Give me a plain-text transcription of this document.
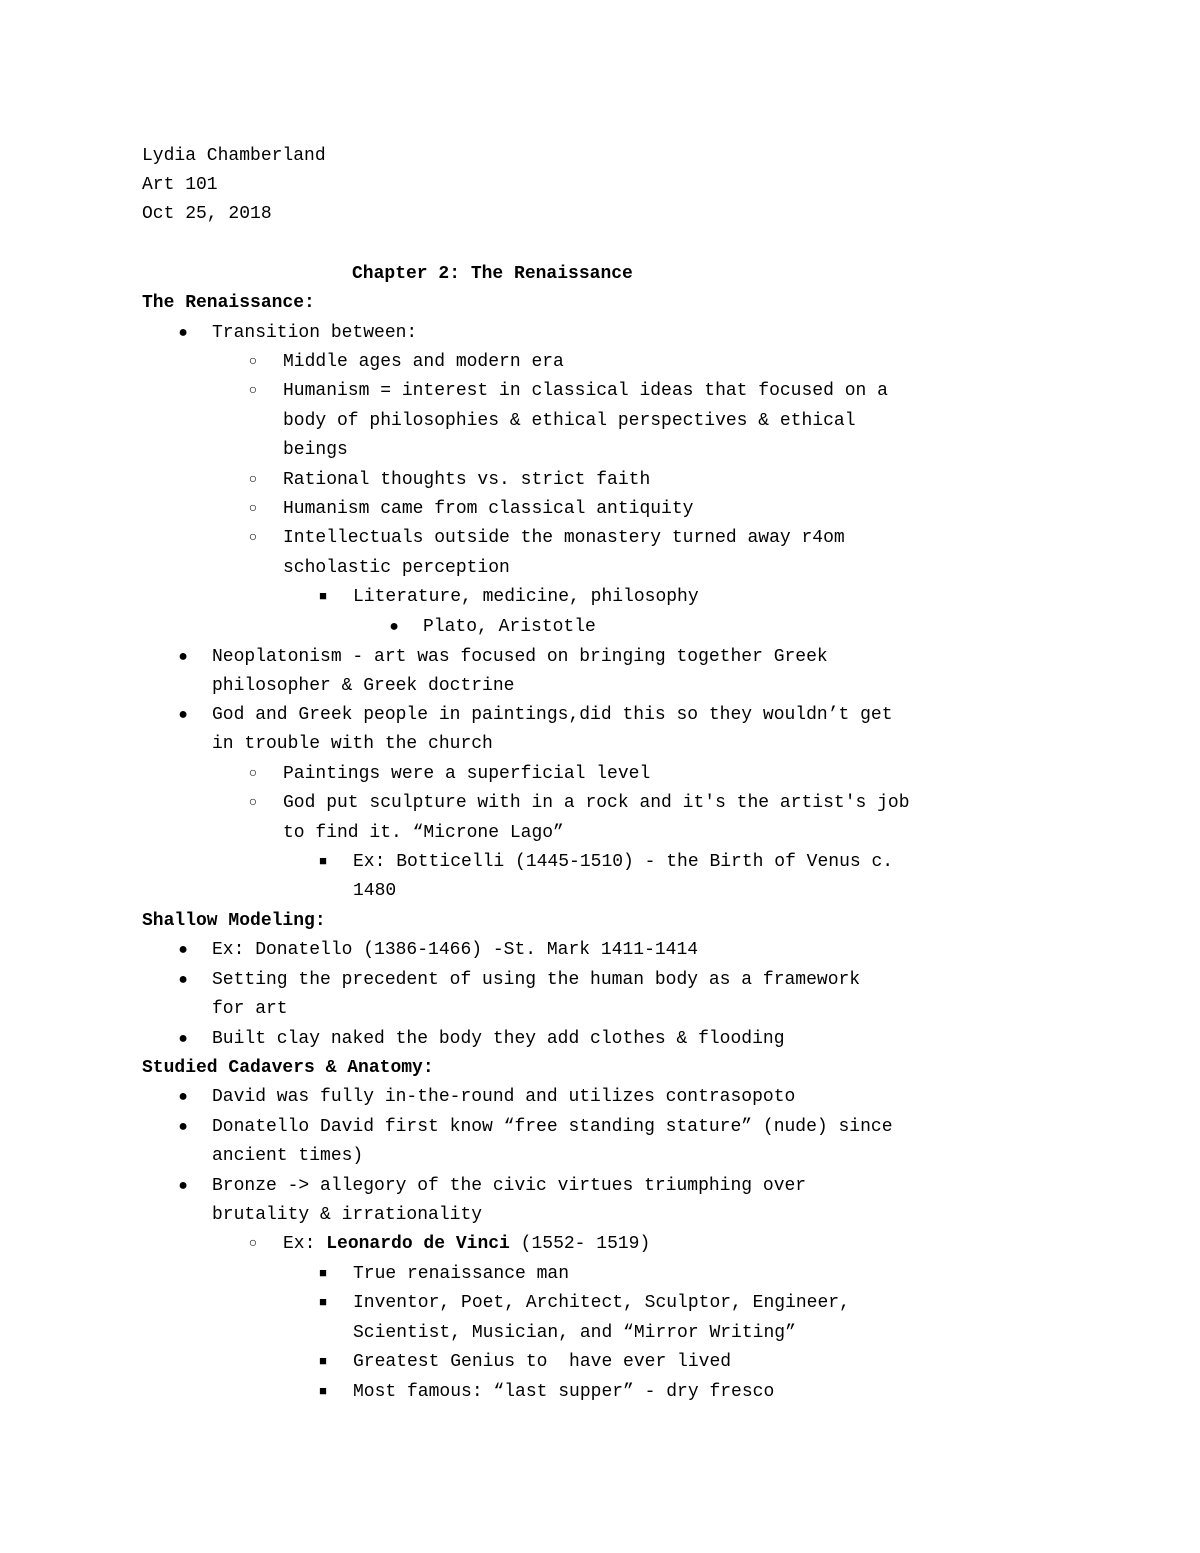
Lydia Chamberland

Art 101

Oct 25, 2018

Chapter 2: The Renaissance

The Renaissance:

● Transition between:

○ Middle ages and modern era

○ Humanism = interest in classical ideas that focused on a

body of philosophies & ethical perspectives & ethical

beings

○ Rational thoughts vs. strict faith

○ Humanism came from classical antiquity

○ Intellectuals outside the monastery turned away r4om

scholastic perception

■ Literature, medicine, philosophy

● Plato, Aristotle

● Neoplatonism - art was focused on bringing together Greek

philosopher & Greek doctrine

● God and Greek people in paintings,did this so they wouldn’t get

in trouble with the church

○ Paintings were a superficial level

○ God put sculpture with in a rock and it's the artist's job

to find it. “Microne Lago”

■ Ex: Botticelli (1445-1510) - the Birth of Venus c.

1480

Shallow Modeling:

● Ex: Donatello (1386-1466) -St. Mark 1411-1414

● Setting the precedent of using the human body as a framework

for art

● Built clay naked the body they add clothes & flooding

Studied Cadavers & Anatomy:

● David was fully in-the-round and utilizes contrasopoto

● Donatello David first know “free standing stature” (nude) since

ancient times)

● Bronze -> allegory of the civic virtues triumphing over

brutality & irrationality

○ Ex: Leonardo de Vinci (1552- 1519)

■ True renaissance man

■ Inventor, Poet, Architect, Sculptor, Engineer,

Scientist, Musician, and “Mirror Writing”

■ Greatest Genius to  have ever lived

■ Most famous: “last supper” - dry fresco
